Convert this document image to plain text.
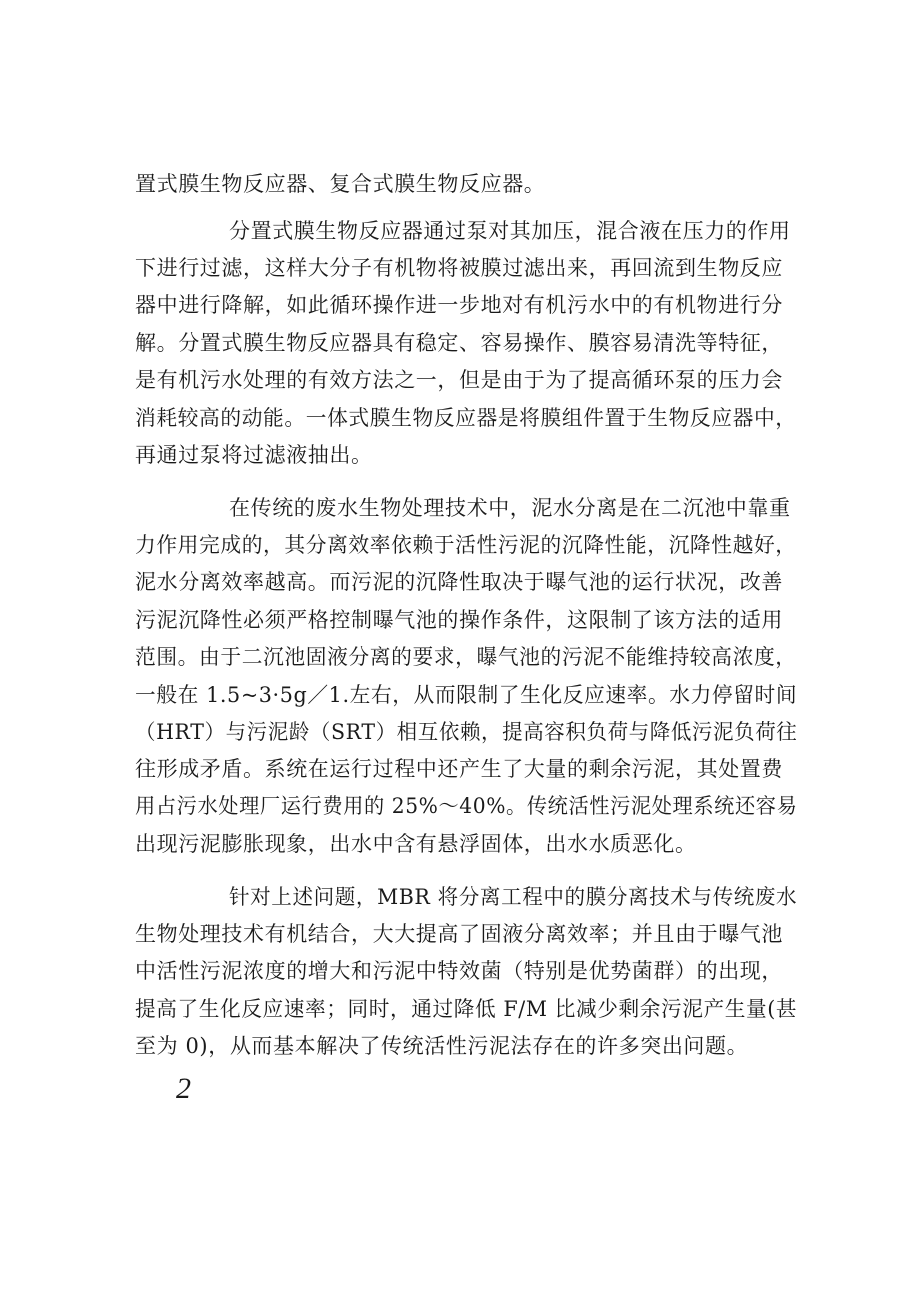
置式膜生物反应器、复合式膜生物反应器。
分置式膜生物反应器通过泵对其加压，混合液在压力的作用
下进行过滤，这样大分子有机物将被膜过滤出来，再回流到生物反应
器中进行降解，如此循环操作进一步地对有机污水中的有机物进行分
解。分置式膜生物反应器具有稳定、容易操作、膜容易清洗等特征，
是有机污水处理的有效方法之一，但是由于为了提高循环泵的压力会
消耗较高的动能。一体式膜生物反应器是将膜组件置于生物反应器中，
再通过泵将过滤液抽出。
在传统的废水生物处理技术中，泥水分离是在二沉池中靠重
力作用完成的，其分离效率依赖于活性污泥的沉降性能，沉降性越好，
泥水分离效率越高。而污泥的沉降性取决于曝气池的运行状况，改善
污泥沉降性必须严格控制曝气池的操作条件，这限制了该方法的适用
范围。由于二沉池固液分离的要求，曝气池的污泥不能维持较高浓度，
一般在 1.5~3·5g／1.左右，从而限制了生化反应速率。水力停留时间
（HRT）与污泥龄（SRT）相互依赖，提高容积负荷与降低污泥负荷往
往形成矛盾。系统在运行过程中还产生了大量的剩余污泥，其处置费
用占污水处理厂运行费用的 25%～40%。传统活性污泥处理系统还容易
出现污泥膨胀现象，出水中含有悬浮固体，出水水质恶化。
针对上述问题，MBR 将分离工程中的膜分离技术与传统废水
生物处理技术有机结合，大大提高了固液分离效率；并且由于曝气池
中活性污泥浓度的增大和污泥中特效菌（特别是优势菌群）的出现，
提高了生化反应速率；同时，通过降低 F/M 比减少剩余污泥产生量(甚
至为 0)，从而基本解决了传统活性污泥法存在的许多突出问题。
2
